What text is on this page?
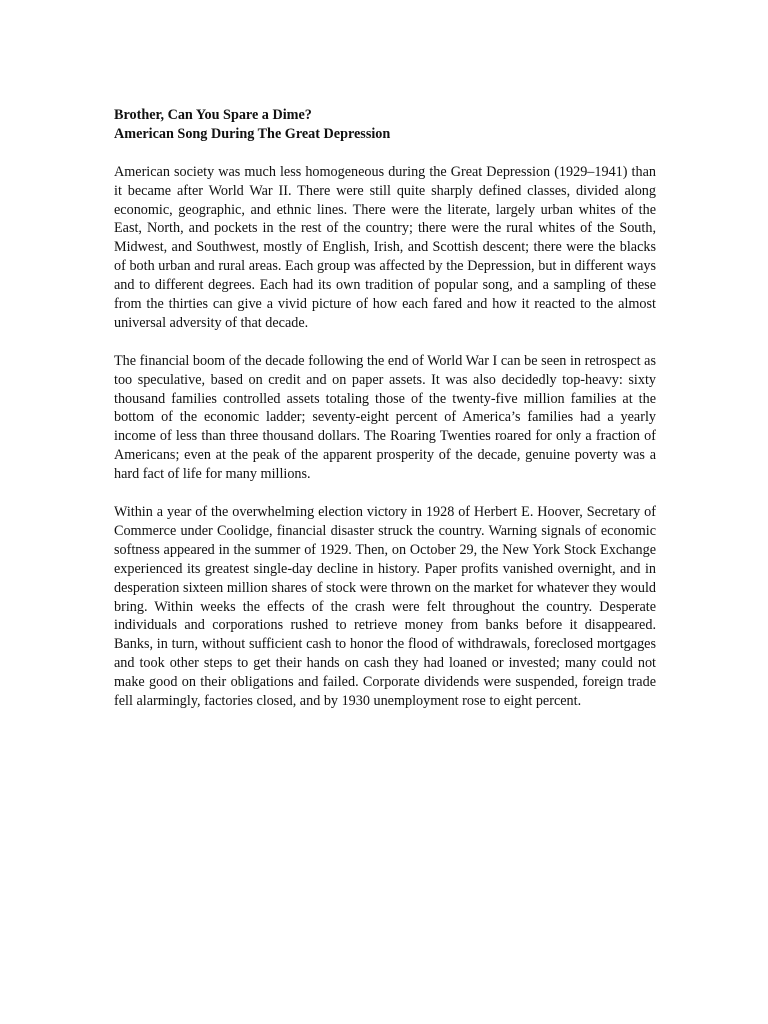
Brother, Can You Spare a Dime?
American Song During The Great Depression

American society was much less homogeneous during the Great Depression (1929–1941) than it became after World War II. There were still quite sharply defined classes, divided along economic, geographic, and ethnic lines. There were the literate, largely urban whites of the East, North, and pockets in the rest of the country; there were the rural whites of the South, Midwest, and Southwest, mostly of English, Irish, and Scottish descent; there were the blacks of both urban and rural areas. Each group was affected by the Depression, but in different ways and to different degrees. Each had its own tradition of popular song, and a sampling of these from the thirties can give a vivid picture of how each fared and how it reacted to the almost universal adversity of that decade.

The financial boom of the decade following the end of World War I can be seen in retrospect as too speculative, based on credit and on paper assets. It was also decidedly top-heavy: sixty thousand families controlled assets totaling those of the twenty-five million families at the bottom of the economic ladder; seventy-eight percent of America’s families had a yearly income of less than three thousand dollars. The Roaring Twenties roared for only a fraction of Americans; even at the peak of the apparent prosperity of the decade, genuine poverty was a hard fact of life for many millions.

Within a year of the overwhelming election victory in 1928 of Herbert E. Hoover, Secretary of Commerce under Coolidge, financial disaster struck the country. Warning signals of economic softness appeared in the summer of 1929. Then, on October 29, the New York Stock Exchange experienced its greatest single-day decline in history. Paper profits vanished overnight, and in desperation sixteen million shares of stock were thrown on the market for whatever they would bring. Within weeks the effects of the crash were felt throughout the country. Desperate individuals and corporations rushed to retrieve money from banks before it disappeared. Banks, in turn, without sufficient cash to honor the flood of withdrawals, foreclosed mortgages and took other steps to get their hands on cash they had loaned or invested; many could not make good on their obligations and failed. Corporate dividends were suspended, foreign trade fell alarmingly, factories closed, and by 1930 unemployment rose to eight percent.
